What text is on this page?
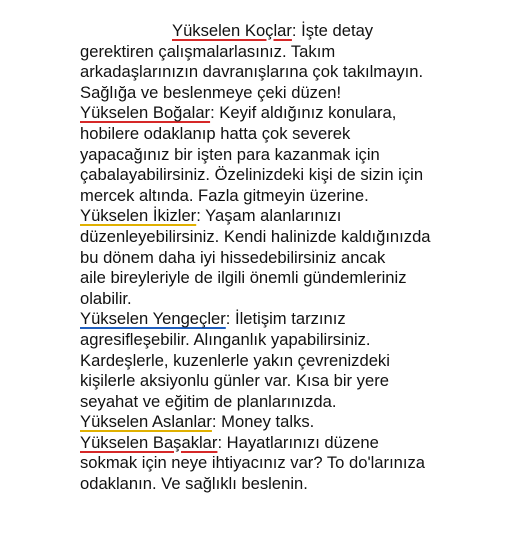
Yükselen Koçlar: İşte detay
gerektiren çalışmalarlasınız. Takım
arkadaşlarınızın davranışlarına çok takılmayın.
Sağlığa ve beslenmeye çeki düzen!
Yükselen Boğalar: Keyif aldığınız konulara,
hobilere odaklanıp hatta çok severek
yapacağınız bir işten para kazanmak için
çabalayabilirsiniz. Özelinizdeki kişi de sizin için
mercek altında. Fazla gitmeyin üzerine.
Yükselen İkizler: Yaşam alanlarınızı
düzenleyebilirsiniz. Kendi halinizde kaldığınızda
bu dönem daha iyi hissedebilirsiniz ancak
aile bireyleriyle de ilgili önemli gündemleriniz
olabilir.
Yükselen Yengeçler: İletişim tarzınız
agresifleşebilir. Alınganlık yapabilirsiniz.
Kardeşlerle, kuzenlerle yakın çevrenizdeki
kişilerle aksiyonlu günler var. Kısa bir yere
seyahat ve eğitim de planlarınızda.
Yükselen Aslanlar: Money talks.
Yükselen Başaklar: Hayatlarınızı düzene
sokmak için neye ihtiyacınız var? To do'larınıza
odaklanın. Ve sağlıklı beslenin.
